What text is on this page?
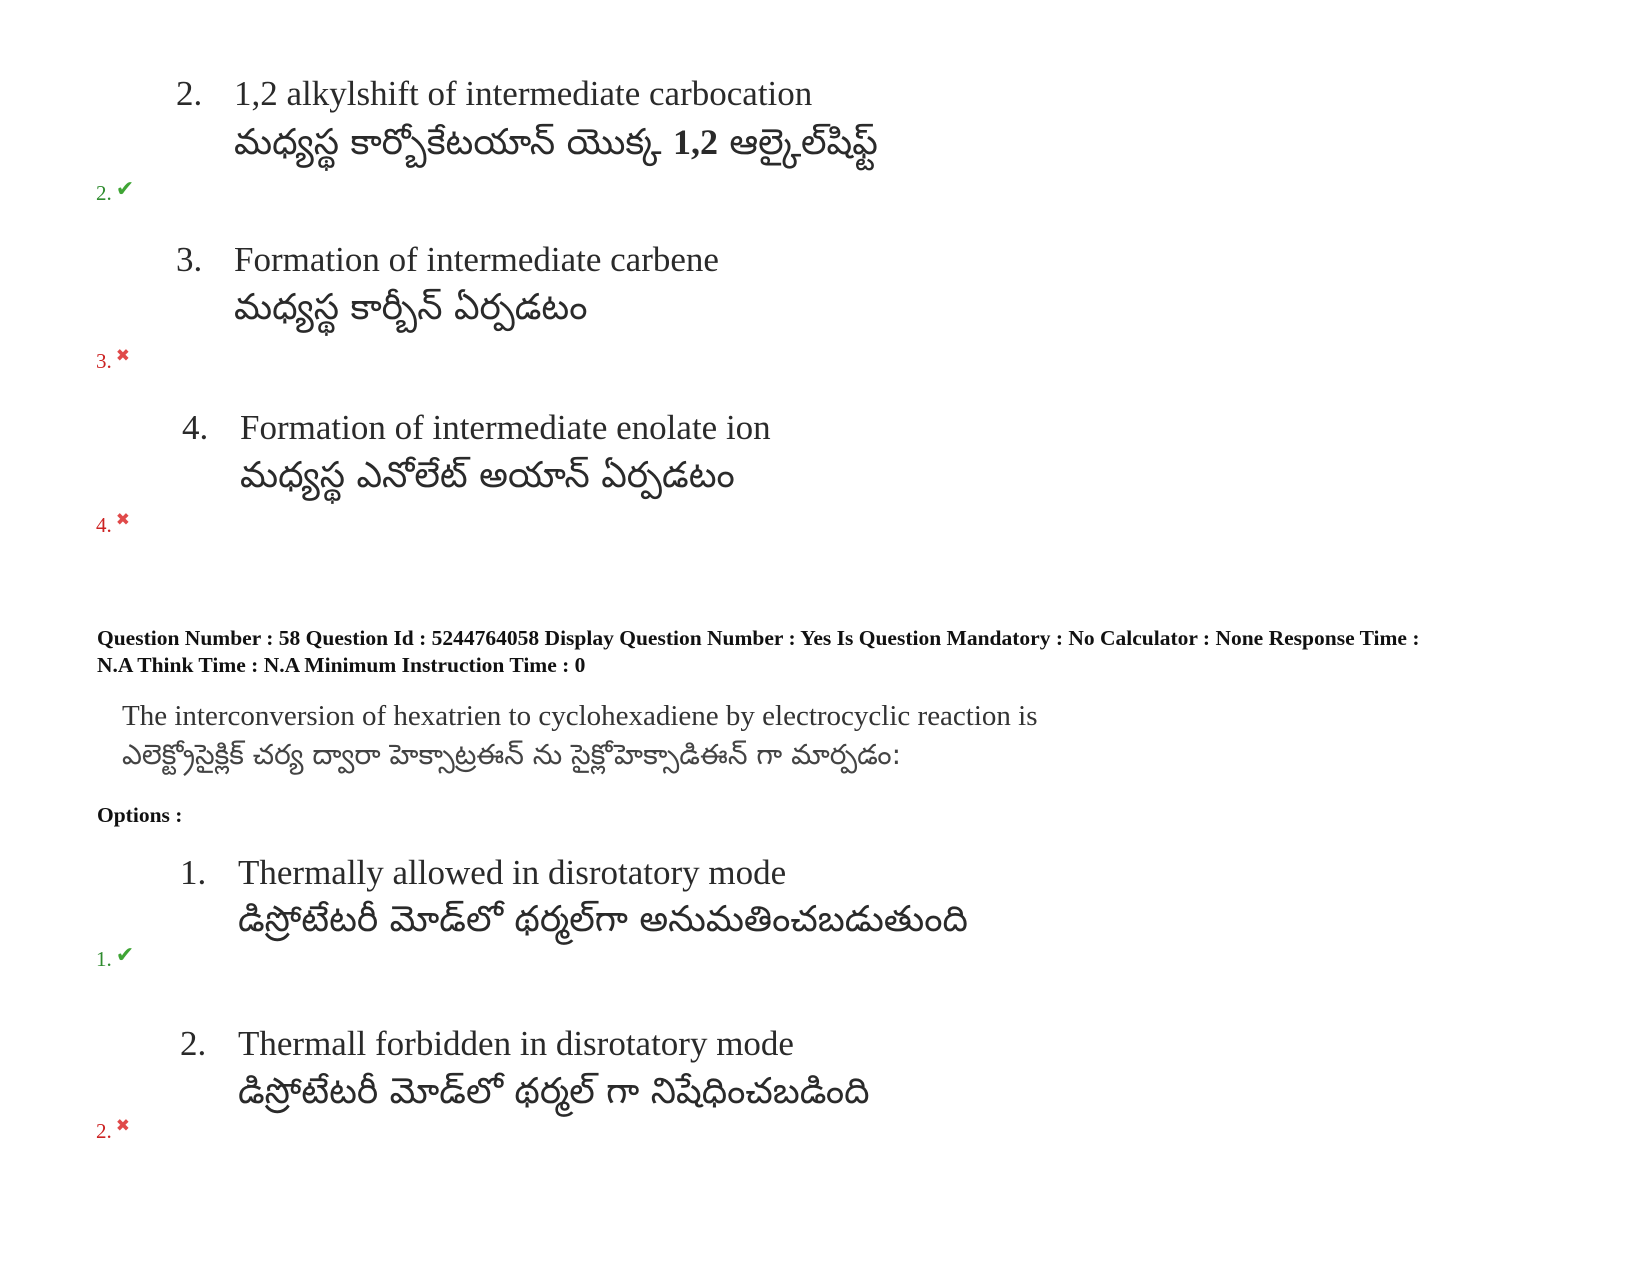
2. 1,2 alkylshift of intermediate carbocation
మధ్యస్థ కార్బోకేటయాన్ యొక్క 1,2 ఆల్కైల్‌షిఫ్ట్
2. ✔
3. Formation of intermediate carbene
మధ్యస్థ కార్బీన్ ఏర్పడటం
3. ✖
4. Formation of intermediate enolate ion
మధ్యస్థ ఎనోలేట్ అయాన్ ఏర్పడటం
4. ✖
Question Number : 58 Question Id : 5244764058 Display Question Number : Yes Is Question Mandatory : No Calculator : None Response Time :
N.A Think Time : N.A Minimum Instruction Time : 0
The interconversion of hexatrien to cyclohexadiene by electrocyclic reaction is
ఎలెక్ట్రోసైక్లిక్ చర్య ద్వారా హెక్సాట్రఈన్ ను సైక్లోహెక్సాడిఈన్ గా మార్పడం:
Options :
1. Thermally allowed in disrotatory mode
డిస్రోటేటరీ మోడ్‌లో థర్మల్‌గా అనుమతించబడుతుంది
1. ✔
2. Thermall forbidden in disrotatory mode
డిస్రోటేటరీ మోడ్‌లో థర్మల్ గా నిషేధించబడింది
2. ✖
